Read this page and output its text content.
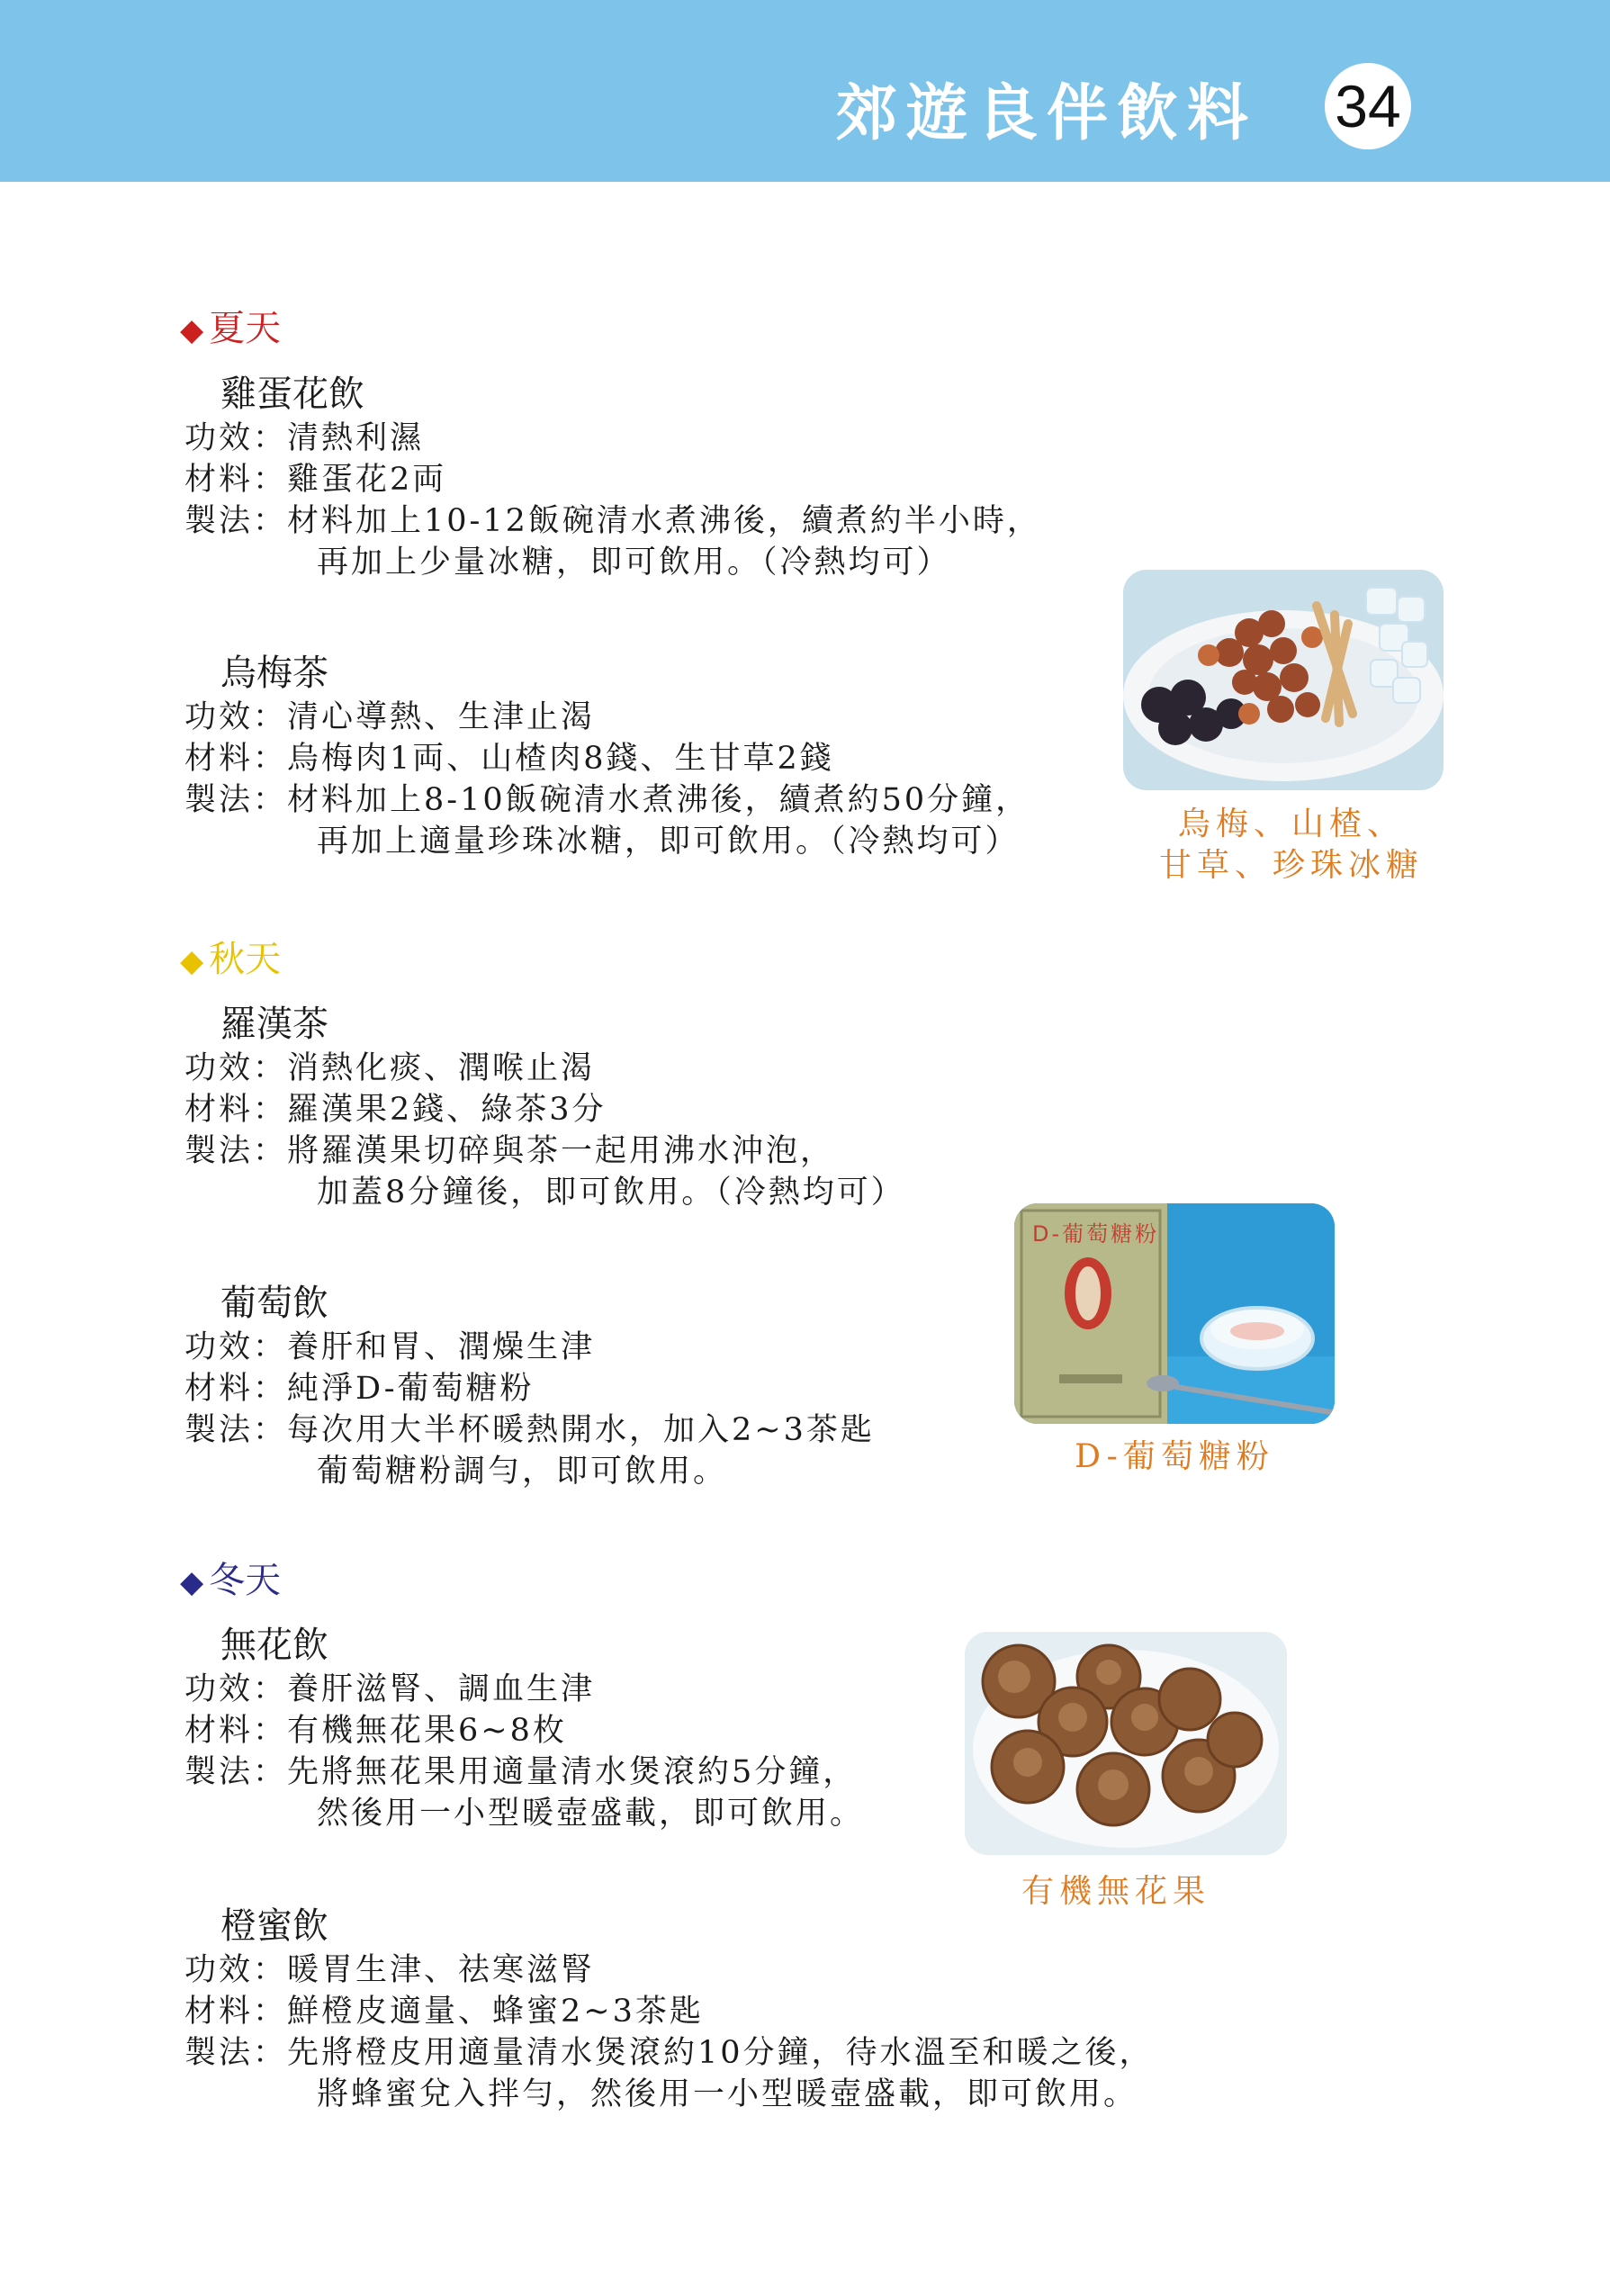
郊遊良伴飲料 34
◆ 夏天
雞蛋花飲
功效：清熱利濕
材料：雞蛋花2両
製法：材料加上10-12飯碗清水煮沸後，續煮約半小時，
再加上少量冰糖，即可飲用。（冷熱均可）
烏梅茶
功效：清心導熱、生津止渴
材料：烏梅肉1両、山楂肉8錢、生甘草2錢
製法：材料加上8-10飯碗清水煮沸後，續煮約50分鐘，
再加上適量珍珠冰糖，即可飲用。（冷熱均可）	烏梅、山楂、
甘草、珍珠冰糖
◆ 秋天
羅漢茶
功效：消熱化痰、潤喉止渴
材料：羅漢果2錢、綠茶3分
製法：將羅漢果切碎與茶一起用沸水沖泡，
加蓋8分鐘後，即可飲用。（冷熱均可）
葡萄飲
功效：養肝和胃、潤燥生津
材料：純淨D-葡萄糖粉
製法：每次用大半杯暖熱開水，加入2~3茶匙
葡萄糖粉調勻，即可飲用。
D-葡萄糖粉
D-葡萄糖粉
◆ 冬天
無花飲
功效：養肝滋腎、調血生津
材料：有機無花果6~8枚
製法：先將無花果用適量清水煲滾約5分鐘，
然後用一小型暖壺盛載，即可飲用。
有機無花果
橙蜜飲
功效：暖胃生津、祛寒滋腎
材料：鮮橙皮適量、蜂蜜2~3茶匙
製法：先將橙皮用適量清水煲滾約10分鐘，待水溫至和暖之後，
將蜂蜜兌入拌勻，然後用一小型暖壺盛載，即可飲用。
